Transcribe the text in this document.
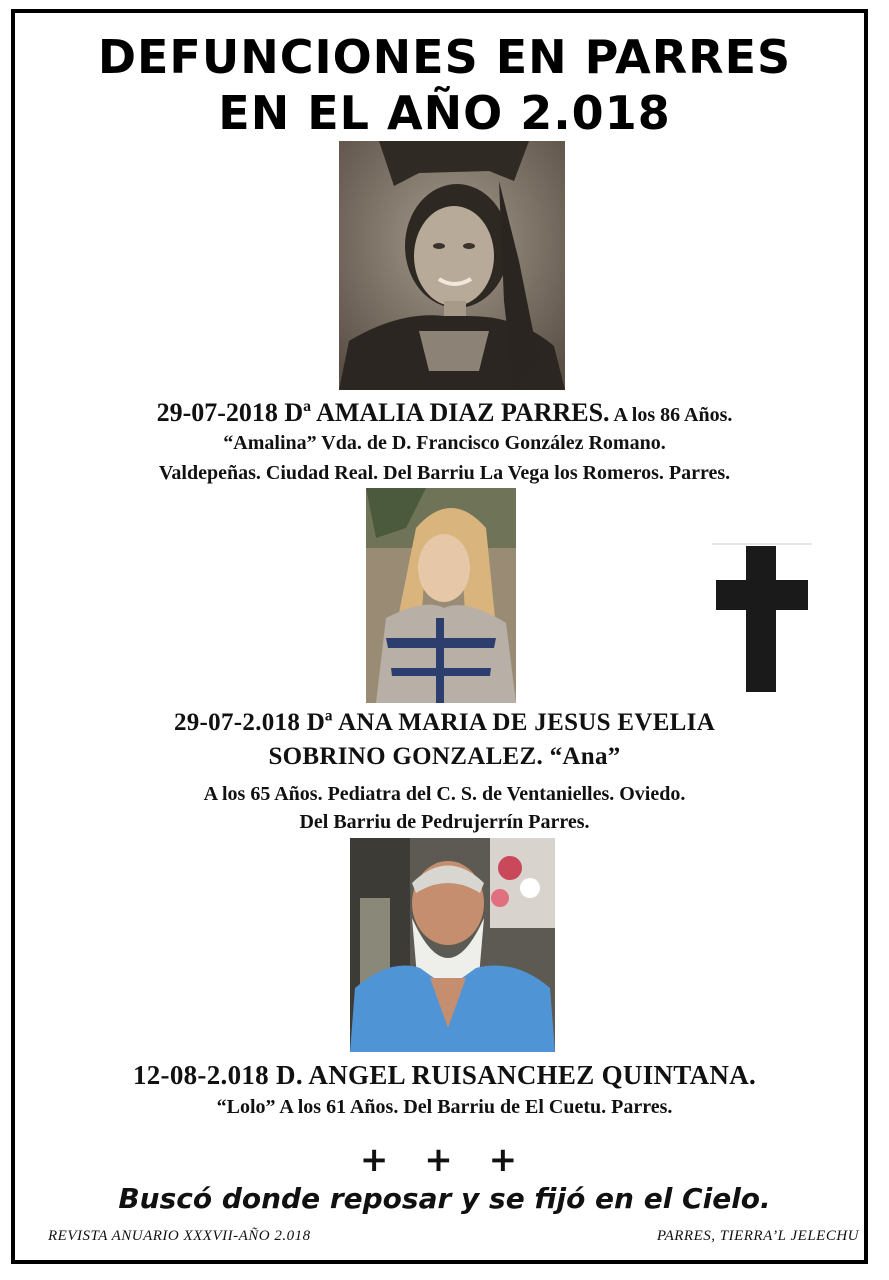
DEFUNCIONES EN PARRES
EN EL AÑO 2.018
29-07-2018 Dª AMALIA DIAZ PARRES. A los 86 Años.
“Amalina” Vda. de D. Francisco González Romano.
Valdepeñas. Ciudad Real. Del Barriu La Vega los Romeros. Parres.
29-07-2.018 Dª ANA MARIA DE JESUS EVELIA
SOBRINO GONZALEZ. “Ana”
A los 65 Años. Pediatra del C. S. de Ventanielles. Oviedo.
Del Barriu de Pedrujerrín Parres.
12-08-2.018 D. ANGEL RUISANCHEZ QUINTANA.
“Lolo” A los 61 Años. Del Barriu de El Cuetu. Parres.
+ + +
Buscó donde reposar y se fijó en el Cielo.
REVISTA ANUARIO XXXVII-AÑO 2.018	PARRES, TIERRA’L JELECHU
